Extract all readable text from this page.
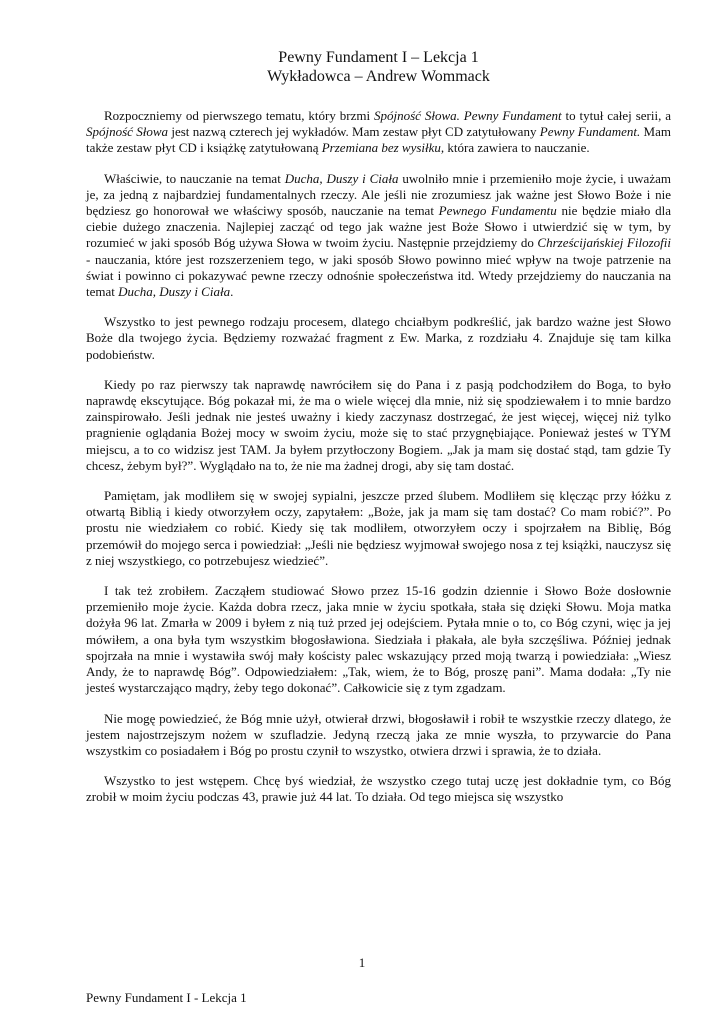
Pewny Fundament I – Lekcja 1
Wykładowca – Andrew Wommack

Rozpoczniemy od pierwszego tematu, który brzmi Spójność Słowa. Pewny Fundament to tytuł całej serii, a Spójność Słowa jest nazwą czterech jej wykładów. Mam zestaw płyt CD zatytułowany Pewny Fundament. Mam także zestaw płyt CD i książkę zatytułowaną Przemiana bez wysiłku, która zawiera to nauczanie.

Właściwie, to nauczanie na temat Ducha, Duszy i Ciała uwolniło mnie i przemieniło moje życie, i uważam je, za jedną z najbardziej fundamentalnych rzeczy. Ale jeśli nie zrozumiesz jak ważne jest Słowo Boże i nie będziesz go honorował we właściwy sposób, nauczanie na temat Pewnego Fundamentu nie będzie miało dla ciebie dużego znaczenia. Najlepiej zacząć od tego jak ważne jest Boże Słowo i utwierdzić się w tym, by rozumieć w jaki sposób Bóg używa Słowa w twoim życiu. Następnie przejdziemy do Chrześcijańskiej Filozofii - nauczania, które jest rozszerzeniem tego, w jaki sposób Słowo powinno mieć wpływ na twoje patrzenie na świat i powinno ci pokazywać pewne rzeczy odnośnie społeczeństwa itd. Wtedy przejdziemy do nauczania na temat Ducha, Duszy i Ciała.

Wszystko to jest pewnego rodzaju procesem, dlatego chciałbym podkreślić, jak bardzo ważne jest Słowo Boże dla twojego życia. Będziemy rozważać fragment z Ew. Marka, z rozdziału 4. Znajduje się tam kilka podobieństw.

Kiedy po raz pierwszy tak naprawdę nawróciłem się do Pana i z pasją podchodziłem do Boga, to było naprawdę ekscytujące. Bóg pokazał mi, że ma o wiele więcej dla mnie, niż się spodziewałem i to mnie bardzo zainspirowało. Jeśli jednak nie jesteś uważny i kiedy zaczynasz dostrzegać, że jest więcej, więcej niż tylko pragnienie oglądania Bożej mocy w swoim życiu, może się to stać przygnębiające. Ponieważ jesteś w TYM miejscu, a to co widzisz jest TAM. Ja byłem przytłoczony Bogiem. „Jak ja mam się dostać stąd, tam gdzie Ty chcesz, żebym był?”. Wyglądało na to, że nie ma żadnej drogi, aby się tam dostać.

Pamiętam, jak modliłem się w swojej sypialni, jeszcze przed ślubem. Modliłem się klęcząc przy łóżku z otwartą Biblią i kiedy otworzyłem oczy, zapytałem: „Boże, jak ja mam się tam dostać? Co mam robić?”. Po prostu nie wiedziałem co robić. Kiedy się tak modliłem, otworzyłem oczy i spojrzałem na Biblię, Bóg przemówił do mojego serca i powiedział: „Jeśli nie będziesz wyjmował swojego nosa z tej książki, nauczysz się z niej wszystkiego, co potrzebujesz wiedzieć”.

I tak też zrobiłem. Zacząłem studiować Słowo przez 15-16 godzin dziennie i Słowo Boże dosłownie przemieniło moje życie. Każda dobra rzecz, jaka mnie w życiu spotkała, stała się dzięki Słowu. Moja matka dożyła 96 lat. Zmarła w 2009 i byłem z nią tuż przed jej odejściem. Pytała mnie o to, co Bóg czyni, więc ja jej mówiłem, a ona była tym wszystkim błogosławiona. Siedziała i płakała, ale była szczęśliwa. Później jednak spojrzała na mnie i wystawiła swój mały kościsty palec wskazujący przed moją twarzą i powiedziała: „Wiesz Andy, że to naprawdę Bóg”. Odpowiedziałem: „Tak, wiem, że to Bóg, proszę pani”. Mama dodała: „Ty nie jesteś wystarczająco mądry, żeby tego dokonać”. Całkowicie się z tym zgadzam.

Nie mogę powiedzieć, że Bóg mnie użył, otwierał drzwi, błogosławił i robił te wszystkie rzeczy dlatego, że jestem najostrzejszym nożem w szufladzie. Jedyną rzeczą jaka ze mnie wyszła, to przywarcie do Pana wszystkim co posiadałem i Bóg po prostu czynił to wszystko, otwiera drzwi i sprawia, że to działa.

Wszystko to jest wstępem. Chcę byś wiedział, że wszystko czego tutaj uczę jest dokładnie tym, co Bóg zrobił w moim życiu podczas 43, prawie już 44 lat. To działa. Od tego miejsca się wszystko

1
Pewny Fundament I - Lekcja 1
